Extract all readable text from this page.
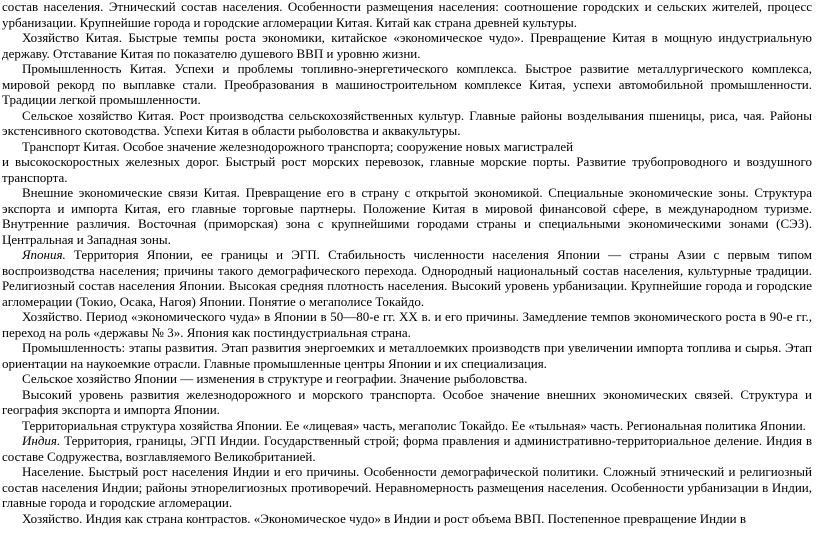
состав населения. Этнический состав населения. Особенности размещения населения: соотношение городских и сельских жителей, процесс урбанизации. Крупнейшие города и городские агломерации Китая. Китай как страна древней культуры.

Хозяйство Китая. Быстрые темпы роста экономики, китайское «экономическое чудо». Превращение Китая в мощную индустриальную державу. Отставание Китая по показателю душевого ВВП и уровню жизни.

Промышленность Китая. Успехи и проблемы топливно-энергетического комплекса. Быстрое развитие металлургического комплекса, мировой рекорд по выплавке стали. Преобразования в машиностроительном комплексе Китая, успехи автомобильной промышленности. Традиции легкой промышленности.

Сельское хозяйство Китая. Рост производства сельскохозяйственных культур. Главные районы возделывания пшеницы, риса, чая. Районы экстенсивного скотоводства. Успехи Китая в области рыболовства и аквакультуры.

Транспорт Китая. Особое значение железнодорожного транспорта; сооружение новых магистралей
и высокоскоростных железных дорог. Быстрый рост морских перевозок, главные морские порты. Развитие трубопроводного и воздушного транспорта.

Внешние экономические связи Китая. Превращение его в страну с открытой экономикой. Специальные экономические зоны. Структура экспорта и импорта Китая, его главные торговые партнеры. Положение Китая в мировой финансовой сфере, в международном туризме. Внутренние различия. Восточная (приморская) зона с крупнейшими городами страны и специальными экономическими зонами (СЭЗ). Центральная и Западная зоны.

Япония. Территория Японии, ее границы и ЭГП. Стабильность численности населения Японии — страны Азии с первым типом воспроизводства населения; причины такого демографического перехода. Однородный национальный состав населения, культурные традиции. Религиозный состав населения Японии. Высокая средняя плотность населения. Высокий уровень урбанизации. Крупнейшие города и городские агломерации (Токио, Осака, Нагоя) Японии. Понятие о мегаполисе Токайдо.

Хозяйство. Период «экономического чуда» в Японии в 50—80-е гг. XX в. и его причины. Замедление темпов экономического роста в 90-е гг., переход на роль «державы № 3». Япония как постиндустриальная страна.

Промышленность: этапы развития. Этап развития энергоемких и металлоемких производств при увеличении импорта топлива и сырья. Этап ориентации на наукоемкие отрасли. Главные промышленные центры Японии и их специализация.

Сельское хозяйство Японии — изменения в структуре и географии. Значение рыболовства.

Высокий уровень развития железнодорожного и морского транспорта. Особое значение внешних экономических связей. Структура и география экспорта и импорта Японии.

Территориальная структура хозяйства Японии. Ее «лицевая» часть, мегаполис Токайдо. Ее «тыльная» часть. Региональная политика Японии.

Индия. Территория, границы, ЭГП Индии. Государственный строй; форма правления и административно-территориальное деление. Индия в составе Содружества, возглавляемого Великобританией.

Население. Быстрый рост населения Индии и его причины. Особенности демографической политики. Сложный этнический и религиозный состав населения Индии; районы этнорелигиозных противоречий. Неравномерность размещения населения. Особенности урбанизации в Индии, главные города и городские агломерации.

Хозяйство. Индия как страна контрастов. «Экономическое чудо» в Индии и рост объема ВВП. Постепенное превращение Индии в
